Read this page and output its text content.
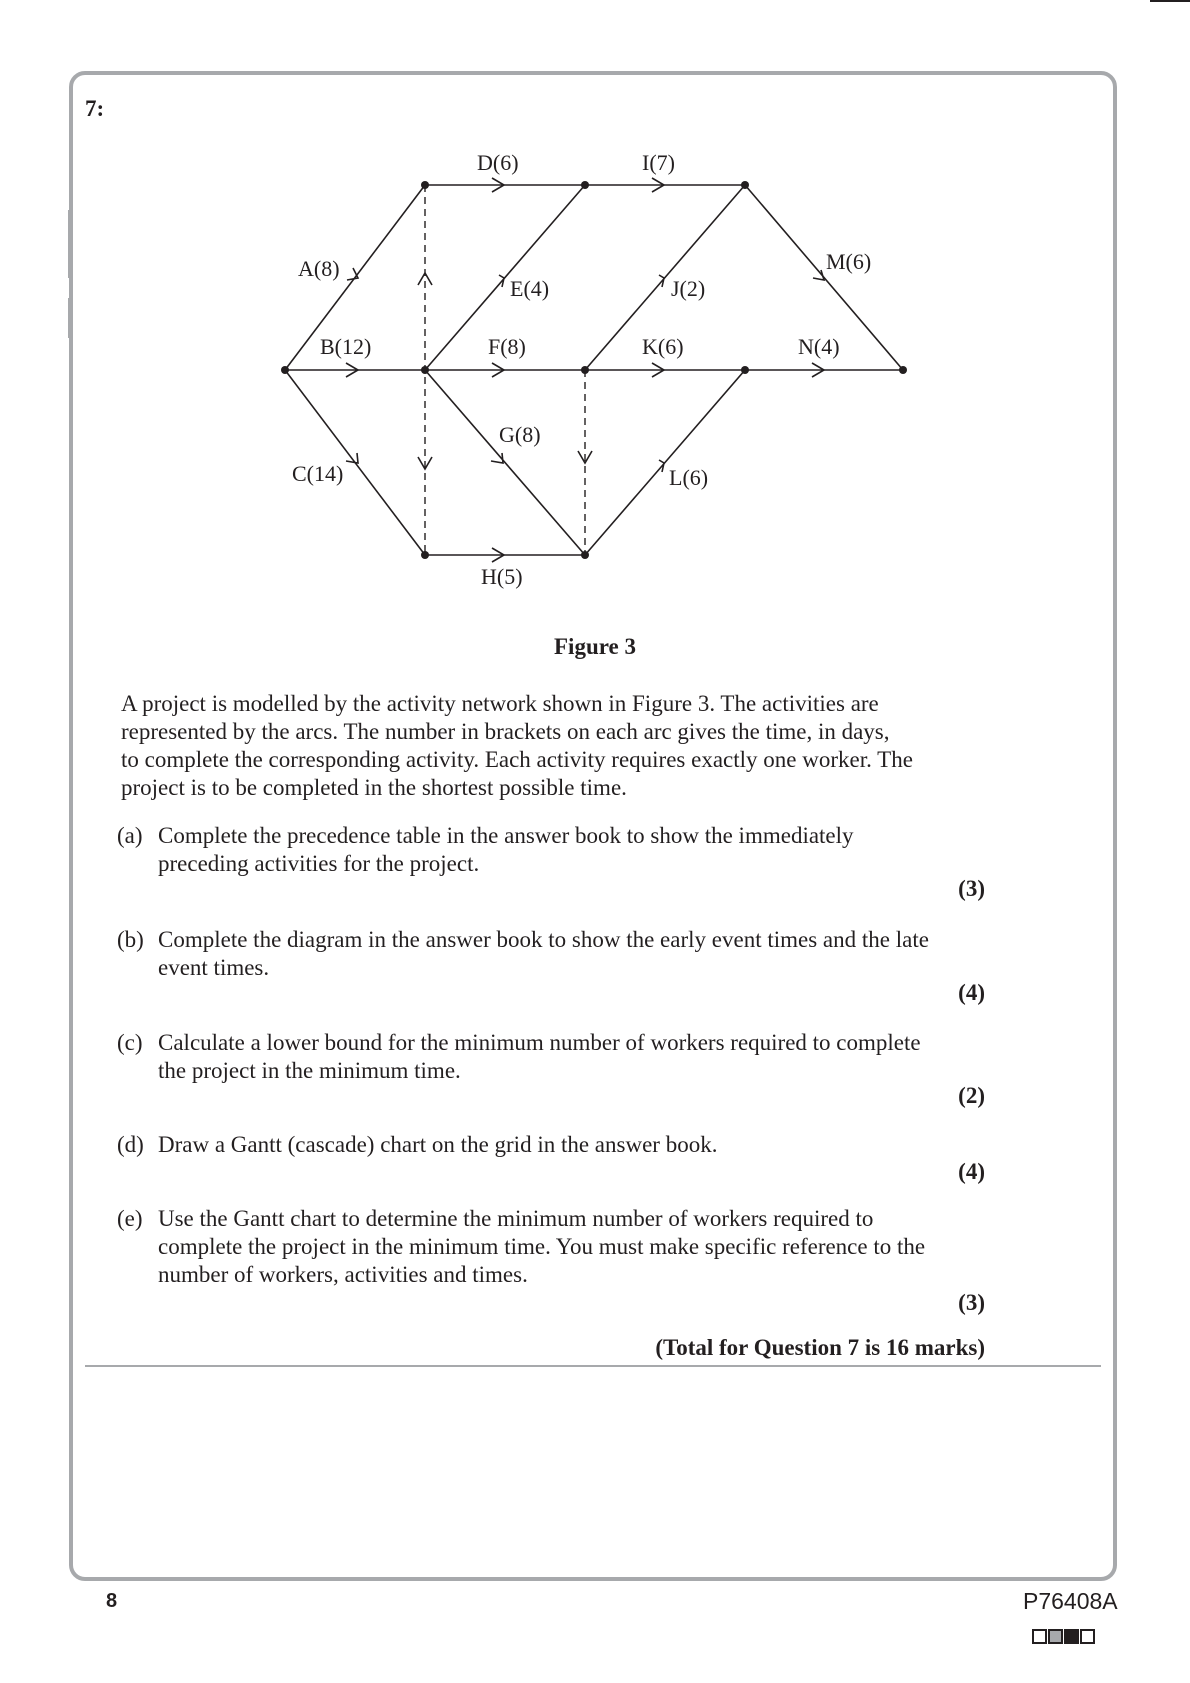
7:
A(8)
B(12)
C(14)
D(6)
E(4)
F(8)
G(8)
H(5)
I(7)
J(2)
K(6)
L(6)
M(6)
N(4)
Figure 3

A project is modelled by the activity network shown in Figure 3. The activities are
represented by the arcs. The number in brackets on each arc gives the time, in days,
to complete the corresponding activity. Each activity requires exactly one worker. The
project is to be completed in the shortest possible time.

(a) Complete the precedence table in the answer book to show the immediately
preceding activities for the project.
(3)
(b) Complete the diagram in the answer book to show the early event times and the late
event times.
(4)
(c) Calculate a lower bound for the minimum number of workers required to complete
the project in the minimum time.
(2)
(d) Draw a Gantt (cascade) chart on the grid in the answer book.
(4)
(e) Use the Gantt chart to determine the minimum number of workers required to
complete the project in the minimum time. You must make specific reference to the
number of workers, activities and times.
(3)
(Total for Question 7 is 16 marks)
8	P76408A
